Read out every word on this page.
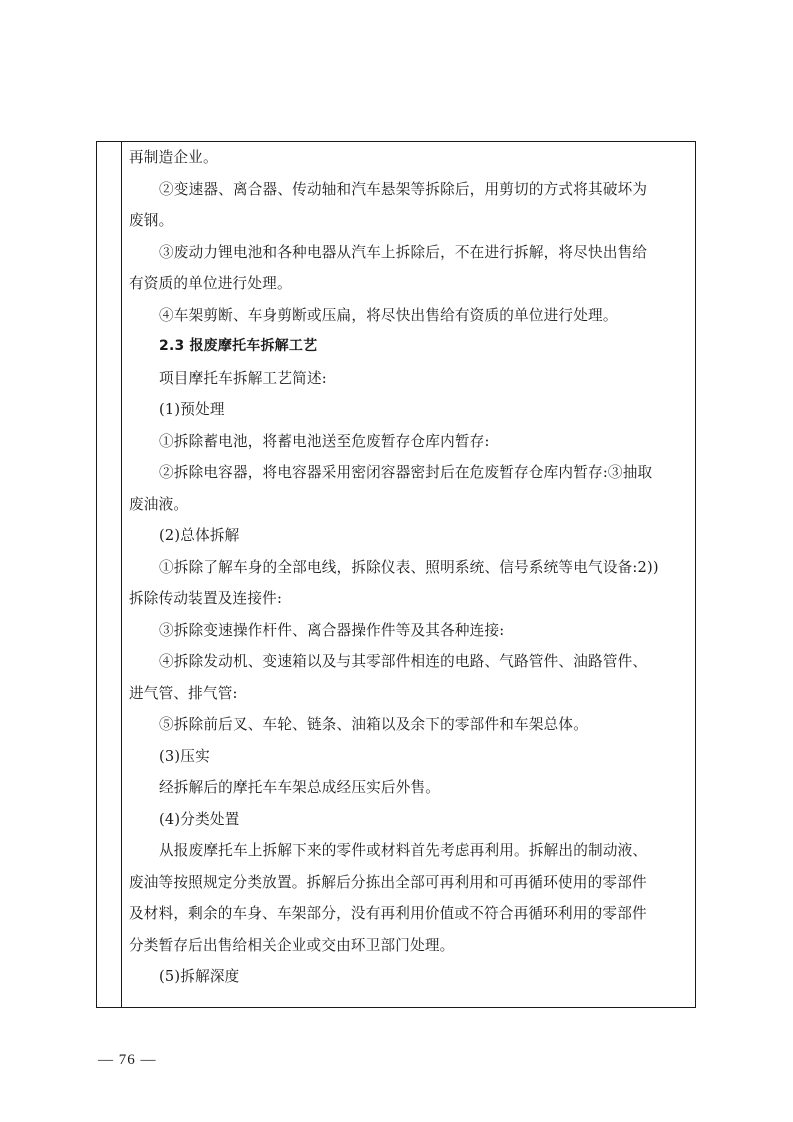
再制造企业。

②变速器、离合器、传动轴和汽车悬架等拆除后，用剪切的方式将其破坏为

废钢。

③废动力锂电池和各种电器从汽车上拆除后，不在进行拆解，将尽快出售给

有资质的单位进行处理。

④车架剪断、车身剪断或压扁，将尽快出售给有资质的单位进行处理。

2.3 报废摩托车拆解工艺

项目摩托车拆解工艺简述:

(1)预处理

①拆除蓄电池，将蓄电池送至危废暂存仓库内暂存:

②拆除电容器，将电容器采用密闭容器密封后在危废暂存仓库内暂存:③抽取

废油液。

(2)总体拆解

①拆除了解车身的全部电线，拆除仪表、照明系统、信号系统等电气设备:2))

拆除传动装置及连接件:

③拆除变速操作杆件、离合器操作件等及其各种连接:

④拆除发动机、变速箱以及与其零部件相连的电路、气路管件、油路管件、

进气管、排气管:

⑤拆除前后叉、车轮、链条、油箱以及余下的零部件和车架总体。

(3)压实

经拆解后的摩托车车架总成经压实后外售。

(4)分类处置

从报废摩托车上拆解下来的零件或材料首先考虑再利用。拆解出的制动液、

废油等按照规定分类放置。拆解后分拣出全部可再利用和可再循环使用的零部件

及材料，剩余的车身、车架部分，没有再利用价值或不符合再循环利用的零部件

分类暂存后出售给相关企业或交由环卫部门处理。

(5)拆解深度

— 76 —
